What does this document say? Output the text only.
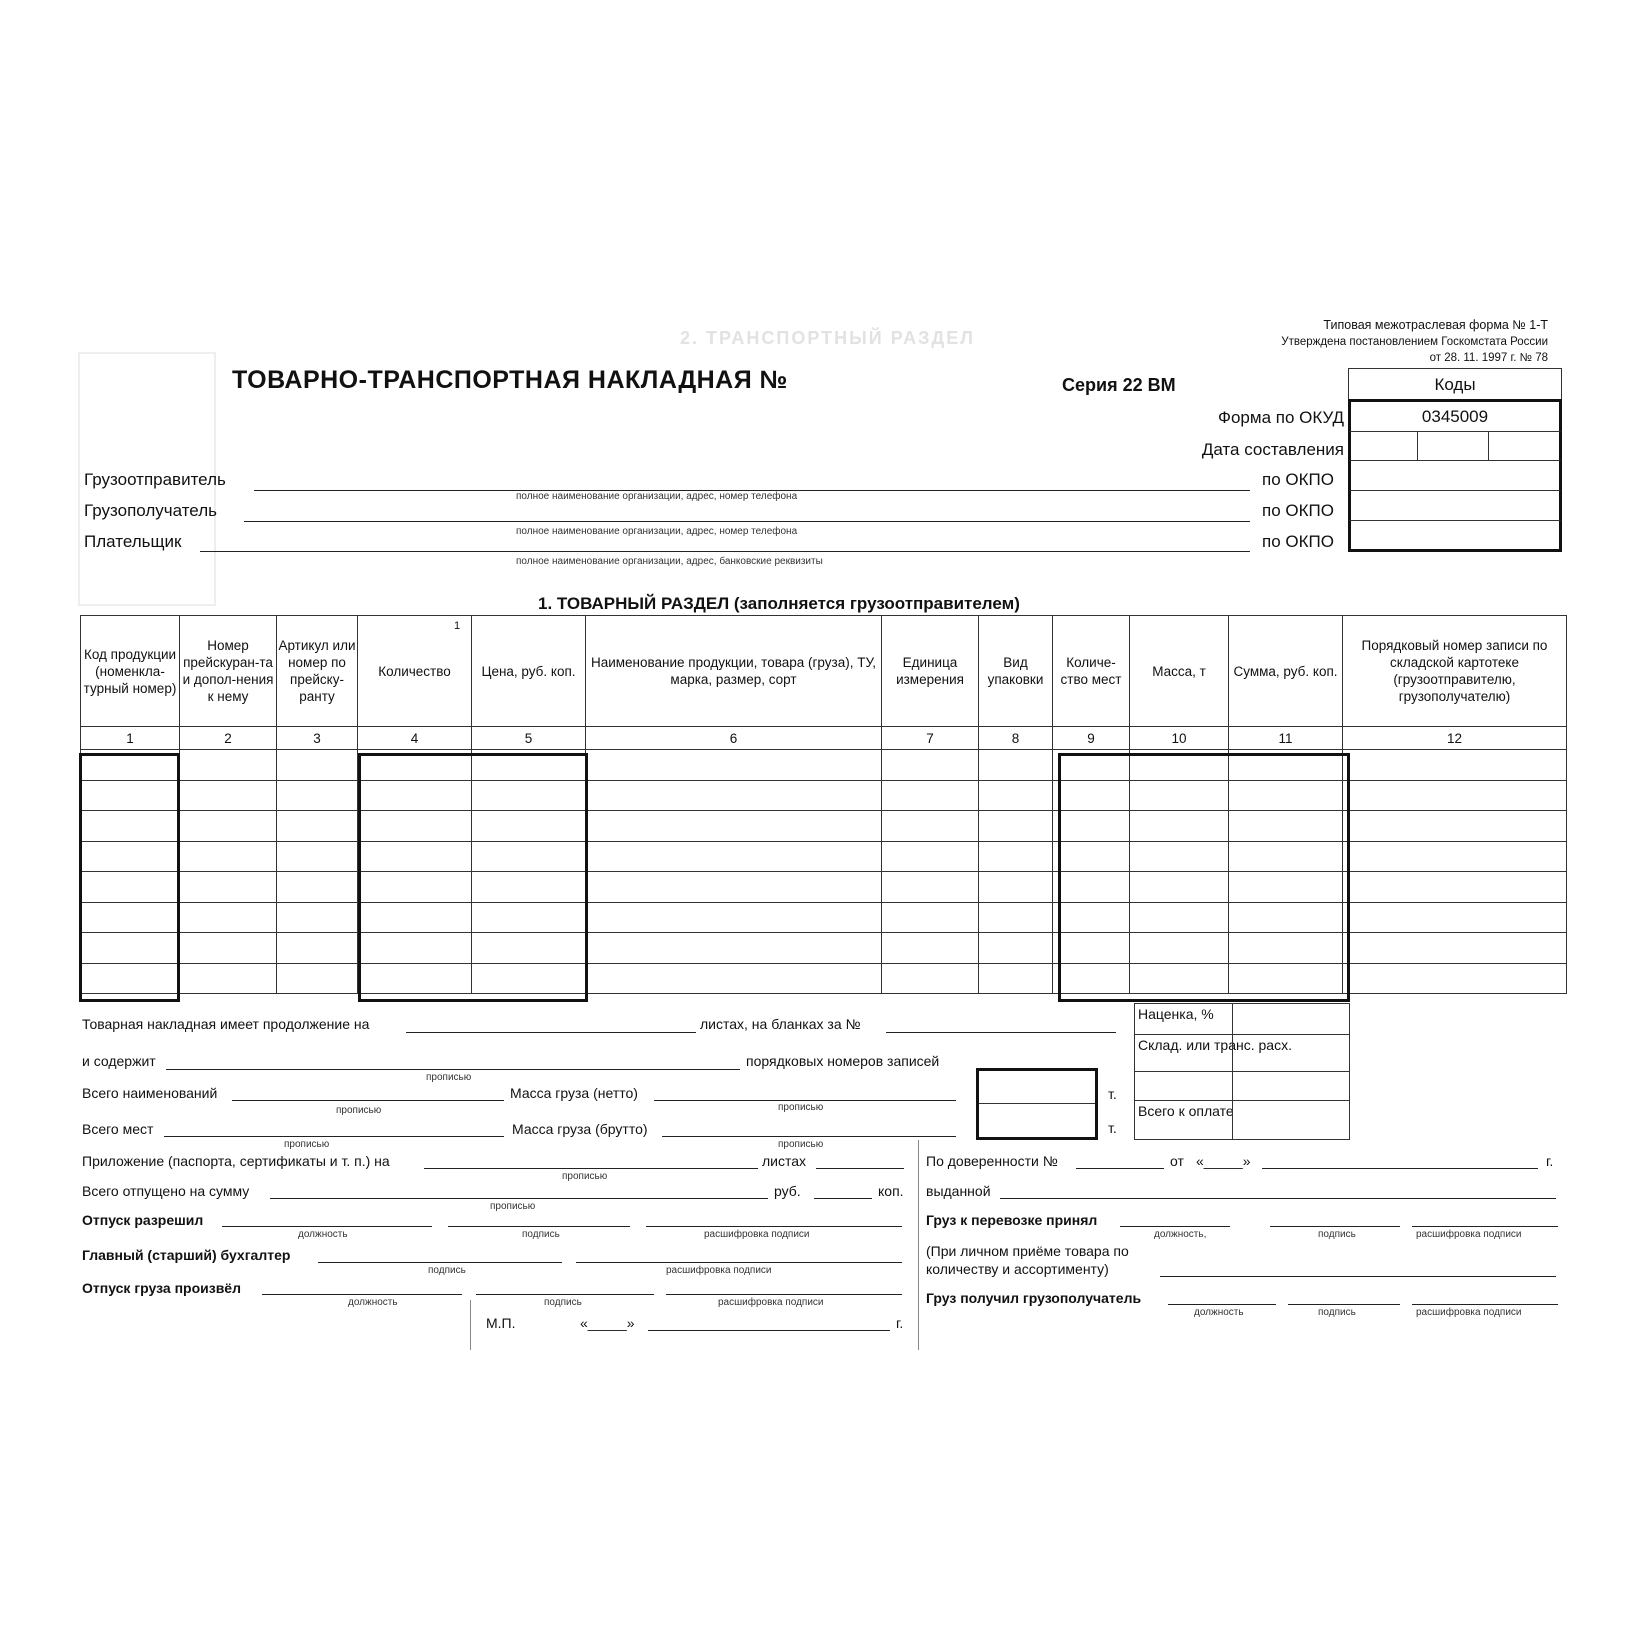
2. ТРАНСПОРТНЫЙ РАЗДЕЛ
Типовая межотраслевая форма № 1-Т
Утверждена постановлением Госкомстата России
от 28. 11. 1997 г. № 78
ТОВАРНО-ТРАНСПОРТНАЯ НАКЛАДНАЯ №	Серия 22 ВМ	Коды
0345009
Форма по ОКУД
Дата составления
Грузоотправитель
полное наименование организации, адрес, номер телефона
по ОКПО
Грузополучатель
полное наименование организации, адрес, номер телефона
по ОКПО
Плательщик
полное наименование организации, адрес, банковские реквизиты
по ОКПО
1. ТОВАРНЫЙ РАЗДЕЛ (заполняется грузоотправителем)
1
Код продукции (номенкла-турный номер)	Номер прейскуран-та и допол-нения к нему	Артикул или номер по прейску-ранту	Количество	Цена, руб. коп.	Наименование продукции, товара (груза), ТУ, марка, размер, сорт	Единица измерения	Вид упаковки	Количе-ство мест	Масса, т	Сумма, руб. коп.	Порядковый номер записи по складской картотеке (грузоотправителю, грузополучателю)
1	2	3	4	5	6	7	8	9	10	11	12

Товарная накладная имеет продолжение на	листах, на бланках за №
и содержит	порядковых номеров записей
прописью
Всего наименований
прописью
Масса груза (нетто)
прописью
т.
т.
Всего мест
прописью
Масса груза (брутто)
прописью
Наценка, %
Склад. или транс. расх.
Всего к оплате
Приложение (паспорта, сертификаты и т. п.) на
прописью
листах
Всего отпущено на сумму
прописью
руб.	коп.
Отпуск разрешил
должность	подпись	расшифровка подписи
Главный (старший) бухгалтер
подпись	расшифровка подписи
Отпуск груза произвёл
должность	подпись	расшифровка подписи
М.П.	«_____»	г.
По доверенности №	от «_____»	г.
выданной
Груз к перевозке принял
должность,	подпись	расшифровка подписи
(При личном приёме товара по количеству и ассортименту)
Груз получил грузополучатель
должность	подпись	расшифровка подписи
